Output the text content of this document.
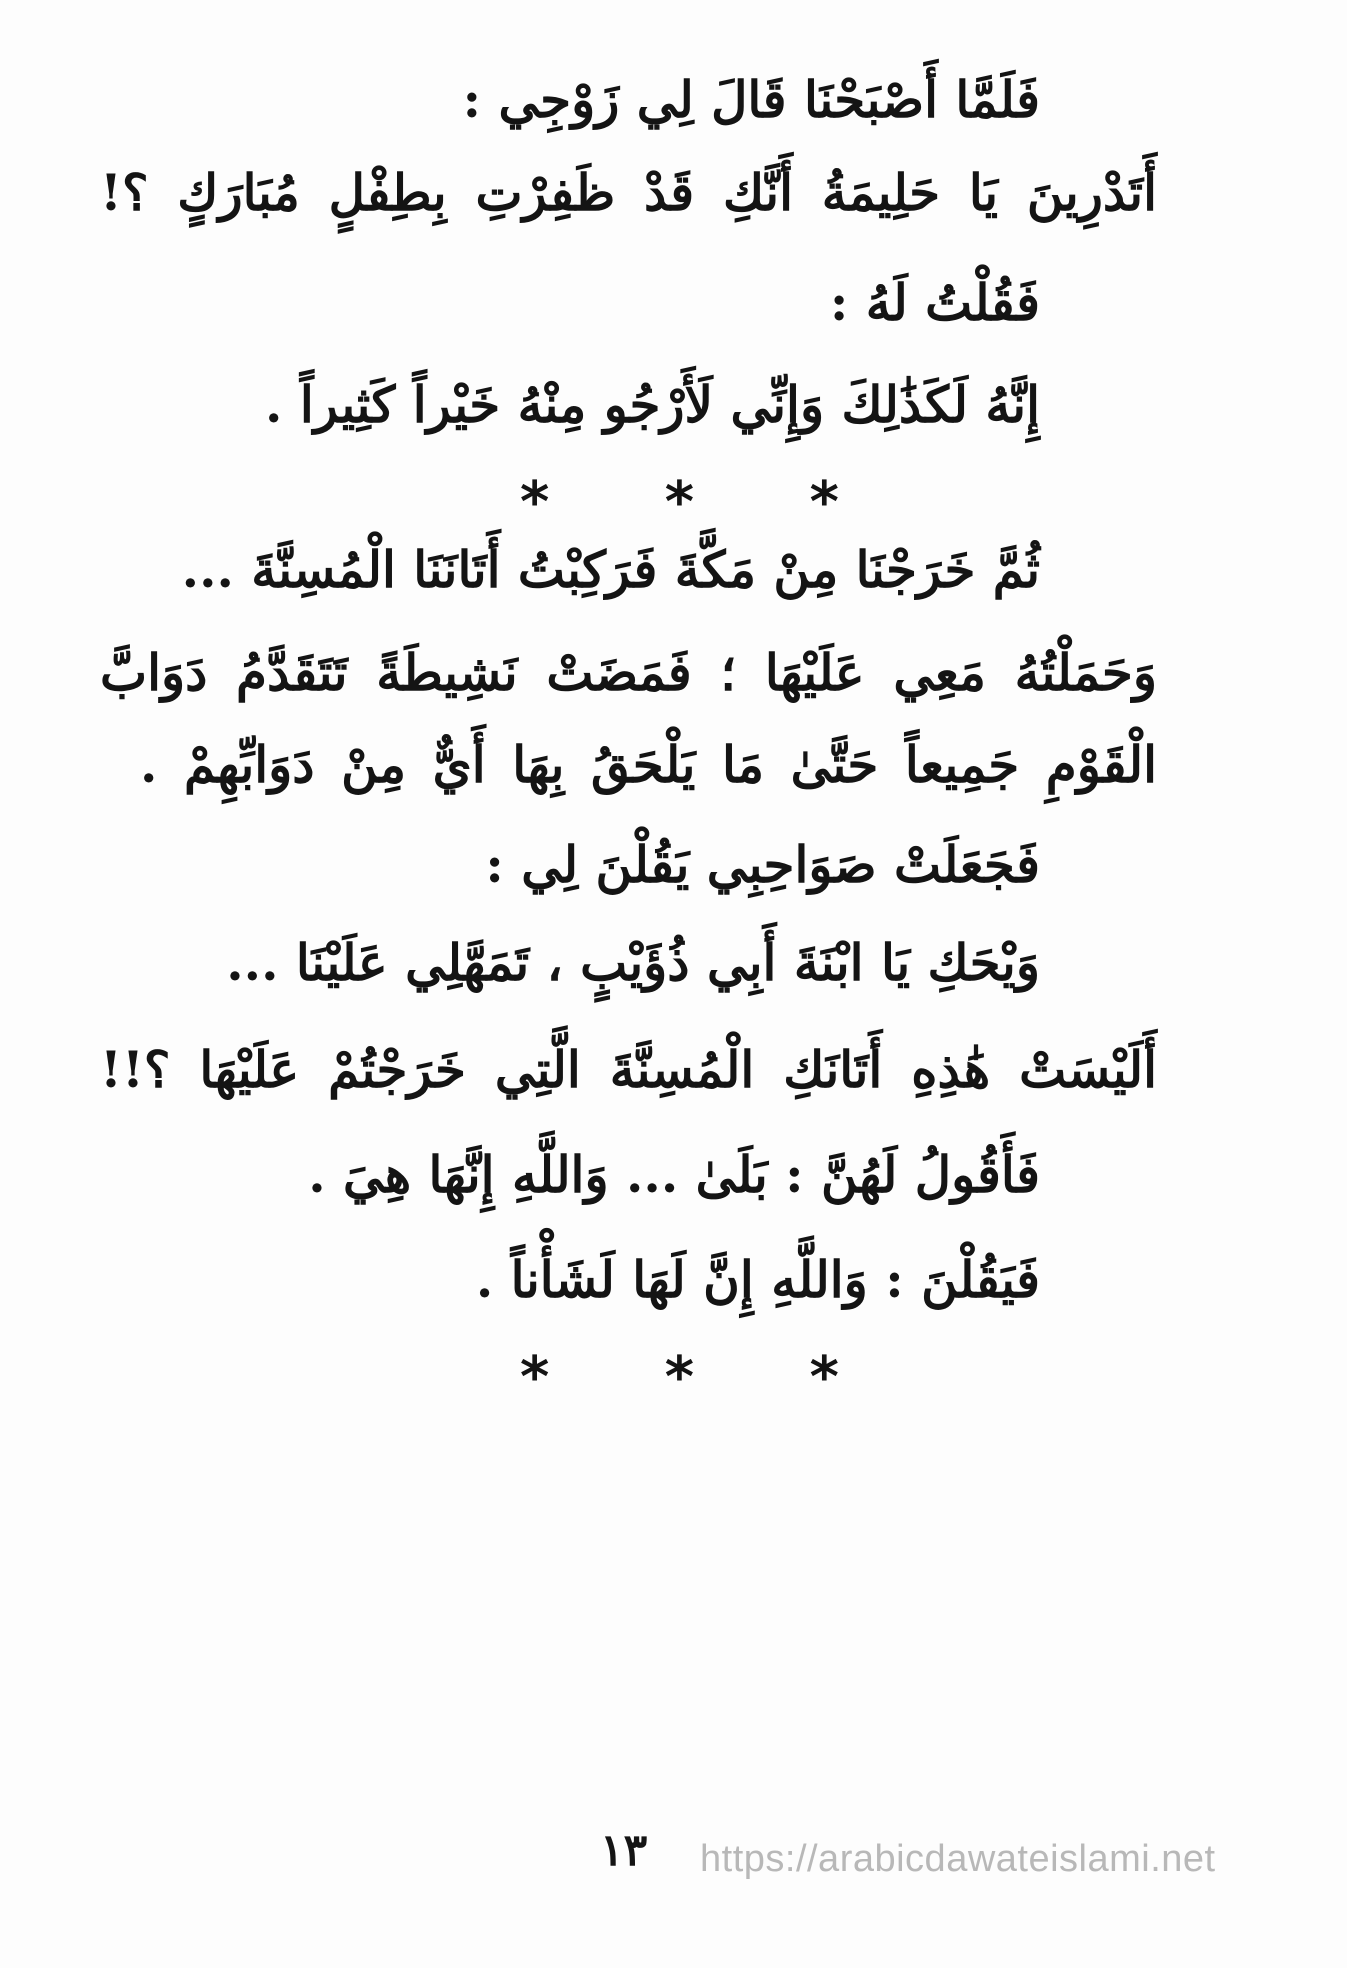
فَلَمَّا أَصْبَحْنَا قَالَ لِي زَوْجِي :
أَتَدْرِينَ يَا حَلِيمَةُ أَنَّكِ قَدْ ظَفِرْتِ بِطِفْلٍ مُبَارَكٍ ؟!
فَقُلْتُ لَهُ :
إِنَّهُ لَكَذَٰلِكَ وَإِنِّي لَأَرْجُو مِنْهُ خَيْراً كَثِيراً .
* * *
ثُمَّ خَرَجْنَا مِنْ مَكَّةَ فَرَكِبْتُ أَتَانَنَا الْمُسِنَّةَ ...
وَحَمَلْتُهُ مَعِي عَلَيْهَا ؛ فَمَضَتْ نَشِيطَةً تَتَقَدَّمُ دَوَابَّ
الْقَوْمِ جَمِيعاً حَتَّىٰ مَا يَلْحَقُ بِهَا أَيٌّ مِنْ دَوَابِّهِمْ .
فَجَعَلَتْ صَوَاحِبِي يَقُلْنَ لِي :
وَيْحَكِ يَا ابْنَةَ أَبِي ذُؤَيْبٍ ، تَمَهَّلِي عَلَيْنَا ...
أَلَيْسَتْ هَٰذِهِ أَتَانَكِ الْمُسِنَّةَ الَّتِي خَرَجْتُمْ عَلَيْهَا ؟!!
فَأَقُولُ لَهُنَّ : بَلَىٰ ... وَاللَّهِ إِنَّهَا هِيَ .
فَيَقُلْنَ : وَاللَّهِ إِنَّ لَهَا لَشَأْناً .
* * *
١٣ https://arabicdawateislami.net
